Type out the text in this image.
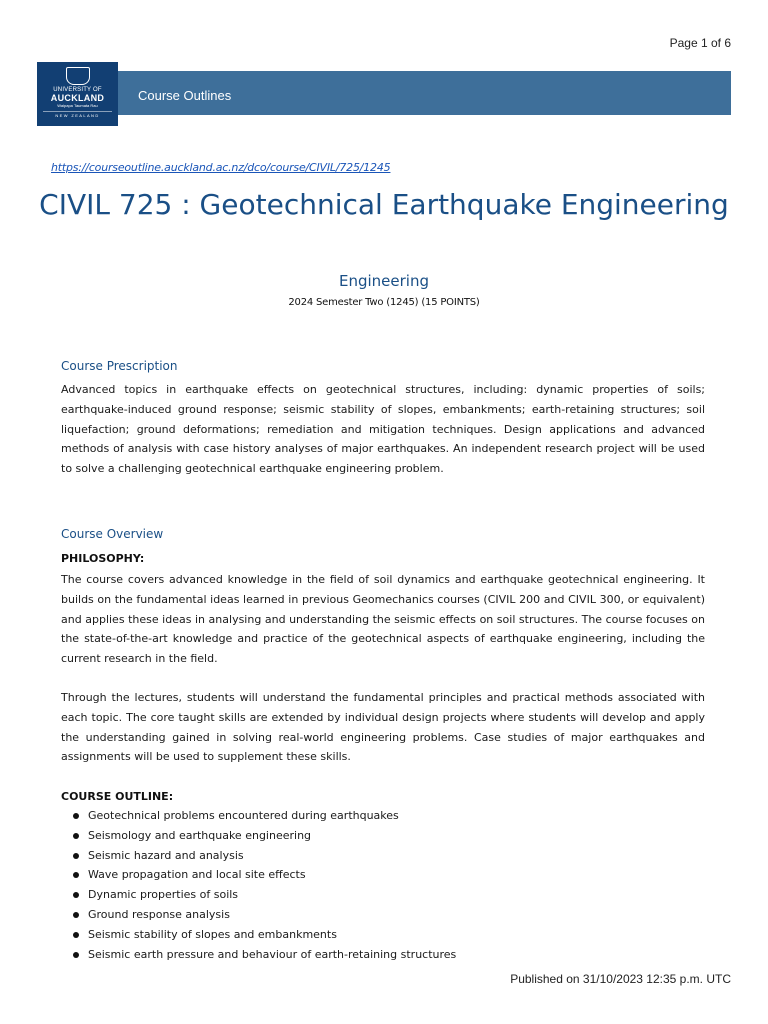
Page 1 of 6
UNIVERSITY OF
AUCKLAND
Waipapa Taumata Rau
NEW ZEALAND
Course Outlines
https://courseoutline.auckland.ac.nz/dco/course/CIVIL/725/1245
CIVIL 725 : Geotechnical Earthquake Engineering
Engineering
2024 Semester Two (1245) (15 POINTS)
Course Prescription

Advanced topics in earthquake effects on geotechnical structures, including: dynamic properties of soils; earthquake-induced ground response; seismic stability of slopes, embankments; earth-retaining structures; soil liquefaction; ground deformations; remediation and mitigation techniques. Design applications and advanced methods of analysis with case history analyses of major earthquakes. An independent research project will be used to solve a challenging geotechnical earthquake engineering problem.

Course Overview
PHILOSOPHY:

The course covers advanced knowledge in the field of soil dynamics and earthquake geotechnical engineering. It builds on the fundamental ideas learned in previous Geomechanics courses (CIVIL 200 and CIVIL 300, or equivalent) and applies these ideas in analysing and understanding the seismic effects on soil structures. The course focuses on the state-of-the-art knowledge and practice of the geotechnical aspects of earthquake engineering, including the current research in the field.

Through the lectures, students will understand the fundamental principles and practical methods associated with each topic. The core taught skills are extended by individual design projects where students will develop and apply the understanding gained in solving real-world engineering problems. Case studies of major earthquakes and assignments will be used to supplement these skills.

COURSE OUTLINE:
Geotechnical problems encountered during earthquakes
Seismology and earthquake engineering
Seismic hazard and analysis
Wave propagation and local site effects
Dynamic properties of soils
Ground response analysis
Seismic stability of slopes and embankments
Seismic earth pressure and behaviour of earth-retaining structures
Published on 31/10/2023 12:35 p.m. UTC
